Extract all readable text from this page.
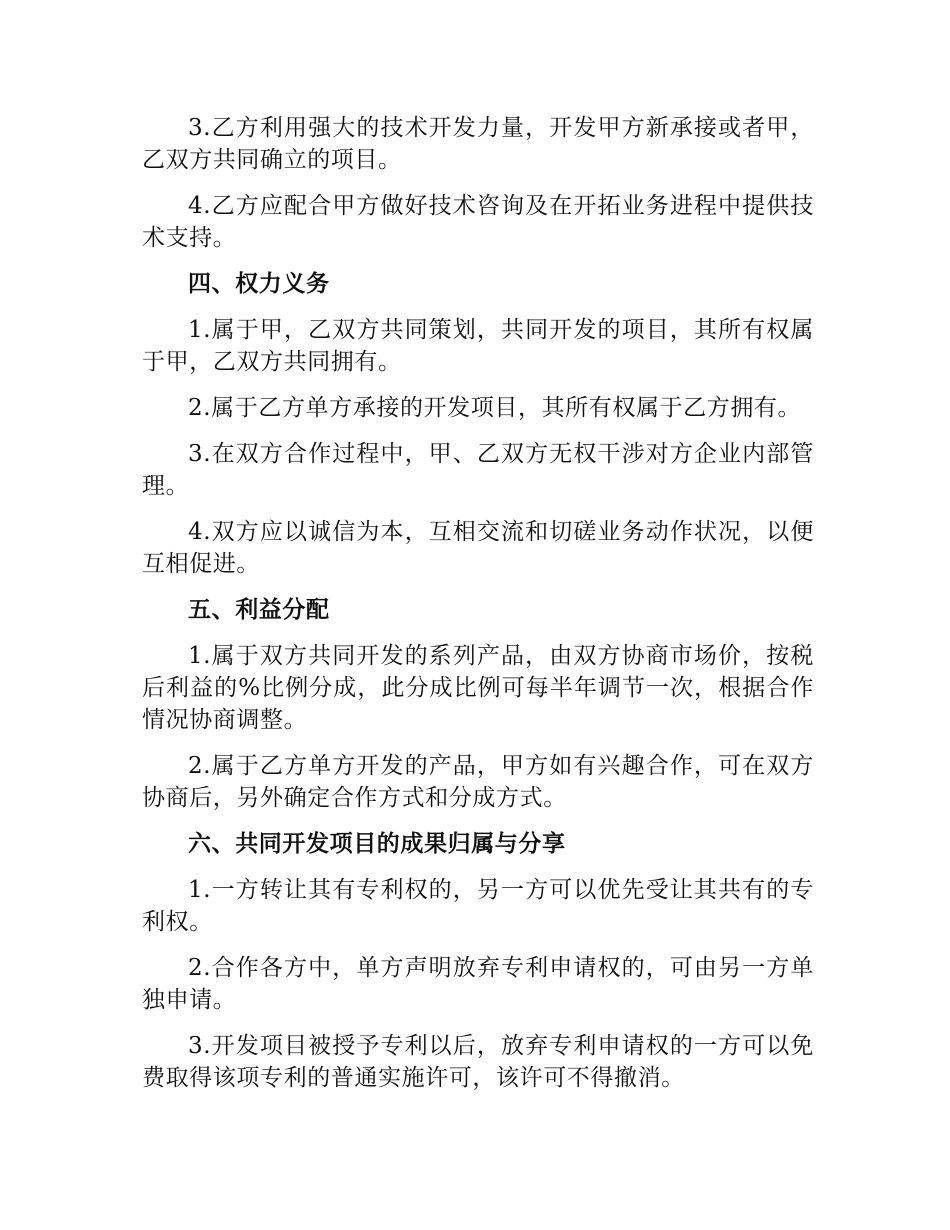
3.乙方利用强大的技术开发力量，开发甲方新承接或者甲，乙双方共同确立的项目。

4.乙方应配合甲方做好技术咨询及在开拓业务进程中提供技术支持。

四、权力义务

1.属于甲，乙双方共同策划，共同开发的项目，其所有权属于甲，乙双方共同拥有。

2.属于乙方单方承接的开发项目，其所有权属于乙方拥有。

3.在双方合作过程中，甲、乙双方无权干涉对方企业内部管理。

4.双方应以诚信为本，互相交流和切磋业务动作状况，以便互相促进。

五、利益分配

1.属于双方共同开发的系列产品，由双方协商市场价，按税后利益的%比例分成，此分成比例可每半年调节一次，根据合作情况协商调整。

2.属于乙方单方开发的产品，甲方如有兴趣合作，可在双方协商后，另外确定合作方式和分成方式。

六、共同开发项目的成果归属与分享

1.一方转让其有专利权的，另一方可以优先受让其共有的专利权。

2.合作各方中，单方声明放弃专利申请权的，可由另一方单独申请。

3.开发项目被授予专利以后，放弃专利申请权的一方可以免费取得该项专利的普通实施许可，该许可不得撤消。
